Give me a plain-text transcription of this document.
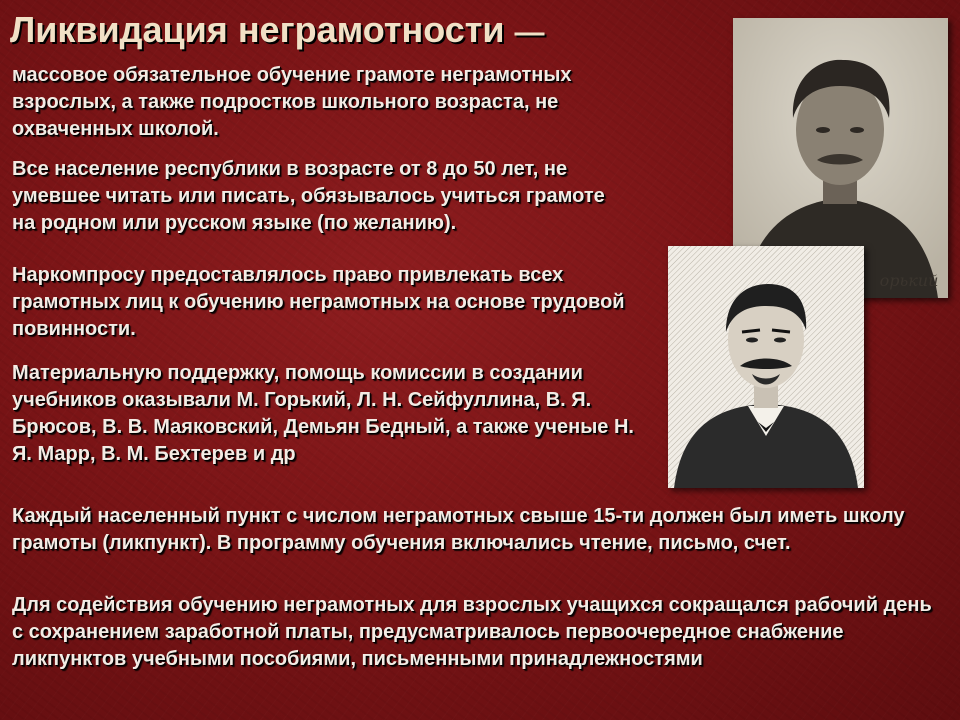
Ликвидация неграмотности —

массовое обязательное обучение грамоте неграмотных взрослых, а также подростков школьного возраста, не охваченных школой.

Все население республики в возрасте от 8 до 50 лет, не умевшее читать или писать, обязывалось учиться грамоте на родном или русском языке (по желанию).

Наркомпросу предоставлялось право привлекать всех грамотных лиц к обучению неграмотных на основе трудовой повинности.

Материальную поддержку, помощь комиссии в создании учебников оказывали М. Горький, Л. Н. Сейфуллина, В. Я. Брюсов, В. В. Маяковский, Демьян Бедный, а также ученые Н. Я. Марр, В. М. Бехтерев и др

Каждый населенный пункт с числом неграмотных свыше 15-ти должен был иметь школу грамоты (ликпункт). В программу обучения включались чтение, письмо, счет.

Для содействия обучению неграмотных для взрослых учащихся сокращался рабочий день с сохранением заработной платы, предусматривалось первоочередное снабжение ликпунктов учебными пособиями, письменными принадлежностями

орький
